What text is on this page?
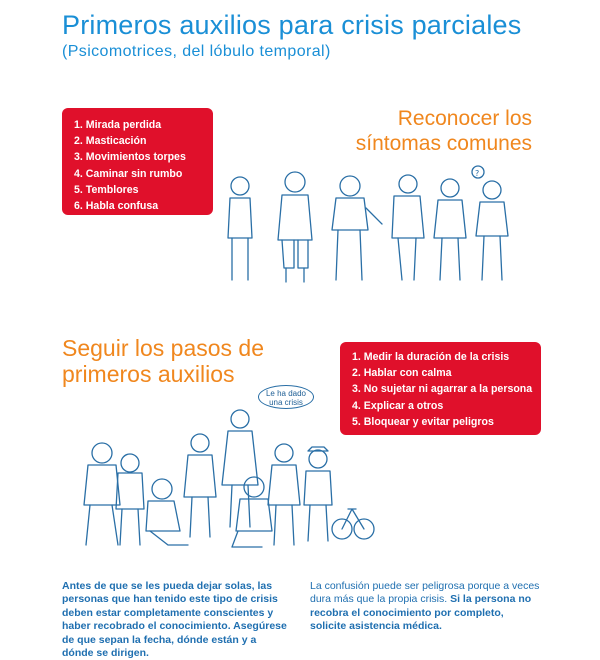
Primeros auxilios para crisis parciales
(Psicomotrices, del lóbulo temporal)
1. Mirada perdida
2. Masticación
3. Movimientos torpes
4. Caminar sin rumbo
5. Temblores
6. Habla confusa
Reconocer los
síntomas comunes
?
Seguir los pasos de
primeros auxilios
1. Medir la duración de la crisis
2. Hablar con calma
3. No sujetar ni agarrar a la persona
4. Explicar a otros
5. Bloquear y evitar peligros
Le ha dado
una crisis
Antes de que se les pueda dejar solas, las personas que han tenido este tipo de crisis deben estar completamente conscientes y haber recobrado el conocimiento. Asegúrese de que sepan la fecha, dónde están y a dónde se dirigen.
La confusión puede ser peligrosa porque a veces dura más que la propia crisis. Si la persona no recobra el conocimiento por completo, solicite asistencia médica.
